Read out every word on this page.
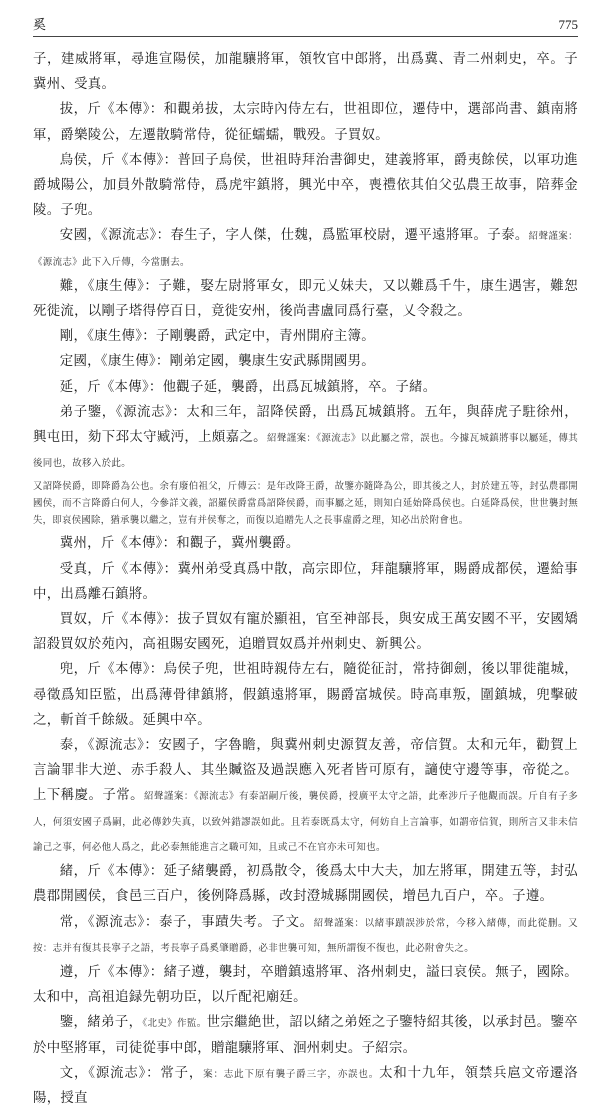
奚	775

子，建威將軍，尋進宣陽侯，加龍驤將軍，領牧官中郎將，出爲冀、青二州刺史，卒。子冀州、受真。

拔，斤《本傳》：和觀弟拔，太宗時內侍左右，世祖即位，遷侍中，選部尚書、鎮南將軍，爵樂陵公，左遷散騎常侍，從征蠕蠕，戰殁。子買奴。

烏侯，斤《本傳》：普回子烏侯，世祖時拜治書御史，建義將軍，爵夷餘侯，以軍功進爵城陽公，加員外散騎常侍，爲虎牢鎮將，興光中卒，喪禮依其伯父弘農王故事，陪葬金陵。子兜。

安國，《源流志》：春生子，字人傑，仕魏，爲監軍校尉，遷平遠將軍。子泰。紹聲謹案：《源流志》此下入斤傳，今當删去。

難，《康生傳》：子難，娶左尉將軍女，即元乂妹夫，又以難爲千牛，康生遇害，難恕死徙流，以剛子塔得停百日，竟徙安州，後尚書盧同爲行臺，乂令殺之。

剛，《康生傳》：子剛襲爵，武定中，青州開府主簿。

定國，《康生傳》：剛弟定國，襲康生安武縣開國男。

延，斤《本傳》：他觀子延，襲爵，出爲瓦城鎮將，卒。子緒。

弟子鑒，《源流志》：太和三年，詔降侯爵，出爲瓦城鎮將。五年，與薛虎子駐徐州，興屯田，劾下邳太守臧沔，上頗嘉之。紹聲謹案：《源流志》以此屬之常，誤也。今據瓦城鎮將事以屬延，傳其後同也，故移入於此。

又詔降侯爵，即降爵為公也。余有廢伯祖父，斤傳云：是年改降王爵，故鑒亦隨降為公，即其後之人，封於建五等，封弘農郡開國侯，而不言降爵白何人，今參詳文義，詔羅侯爵當爲詔降侯爵，而事屬之延，則知白延始降爲侯也。白延降爲侯，世世襲封無失，即哀侯國除，猶承襲以繼之，豈有并侯奪之，而復以追贈先人之長事虛爵之理，知必出於附會也。

冀州，斤《本傳》：和觀子，冀州襲爵。

受真，斤《本傳》：冀州弟受真爲中散，高宗即位，拜龍驤將軍，賜爵成都侯，遷給事中，出爲離石鎮將。

買奴，斤《本傳》：拔子買奴有寵於顯祖，官至神部長，與安成王萬安國不平，安國矯詔殺買奴於苑內，高祖賜安國死，追贈買奴爲并州刺史、新興公。

兜，斤《本傳》：烏侯子兜，世祖時親侍左右，隨從征討，常持御劍，後以罪徙龍城，尋徵爲知臣監，出爲薄骨律鎮將，假鎮遠將軍，賜爵富城侯。時高車叛，圍鎮城，兜擊破之，斬首千餘級。延興中卒。

泰，《源流志》：安國子，字魯瞻，與冀州刺史源賀友善，帝信賀。太和元年，勸賀上言論罪非大逆、赤手殺人、其坐贓盜及過誤應入死者皆可原有，讁使守邊等事，帝從之。上下稱慶。子常。紹聲謹案：《源流志》有泰詔嗣斤後，襲侯爵，授廣平太守之語，此牽涉斤子他觀而誤。斤自有子多人，何須安國子爲嗣，此必傳鈔失真，以致舛錯謬誤如此。且若泰既爲太守，何妨自上言論事，如謂帝信賀，則所言又非未信諭己之事，何必他人爲之，此必泰無能進言之職可知，且或己不在官亦未可知也。

緒，斤《本傳》：延子緒襲爵，初爲散令，後爲太中大夫，加左將軍，開建五等，封弘農郡開國侯，食邑三百户，後例降爲縣，改封澄城縣開國侯，增邑九百户，卒。子遵。

常，《源流志》：泰子，事蹟失考。子文。紹聲謹案：以緒事蹟誤涉於常，今移入緒傳，而此從删。又按：志并有復其長寧子之語，考長寧子爲奚肇贈爵，必非世襲可知，無所謂復不復也，此必附會失之。

遵，斤《本傳》：緒子遵，襲封，卒贈鎮遠將軍、洛州刺史，謚曰哀侯。無子，國除。太和中，高祖追録先朝功臣，以斤配祀廟廷。

鑒，緒弟子，《北史》作監。世宗繼絶世，詔以緒之弟姪之子鑒特紹其後，以承封邑。鑒卒於中堅將軍，司徒從事中郎，贈龍驤將軍、洄州刺史。子紹宗。

文，《源流志》：常子，案：志此下原有襲子爵三字，亦誤也。太和十九年，領禁兵扈文帝遷洛陽，授直
